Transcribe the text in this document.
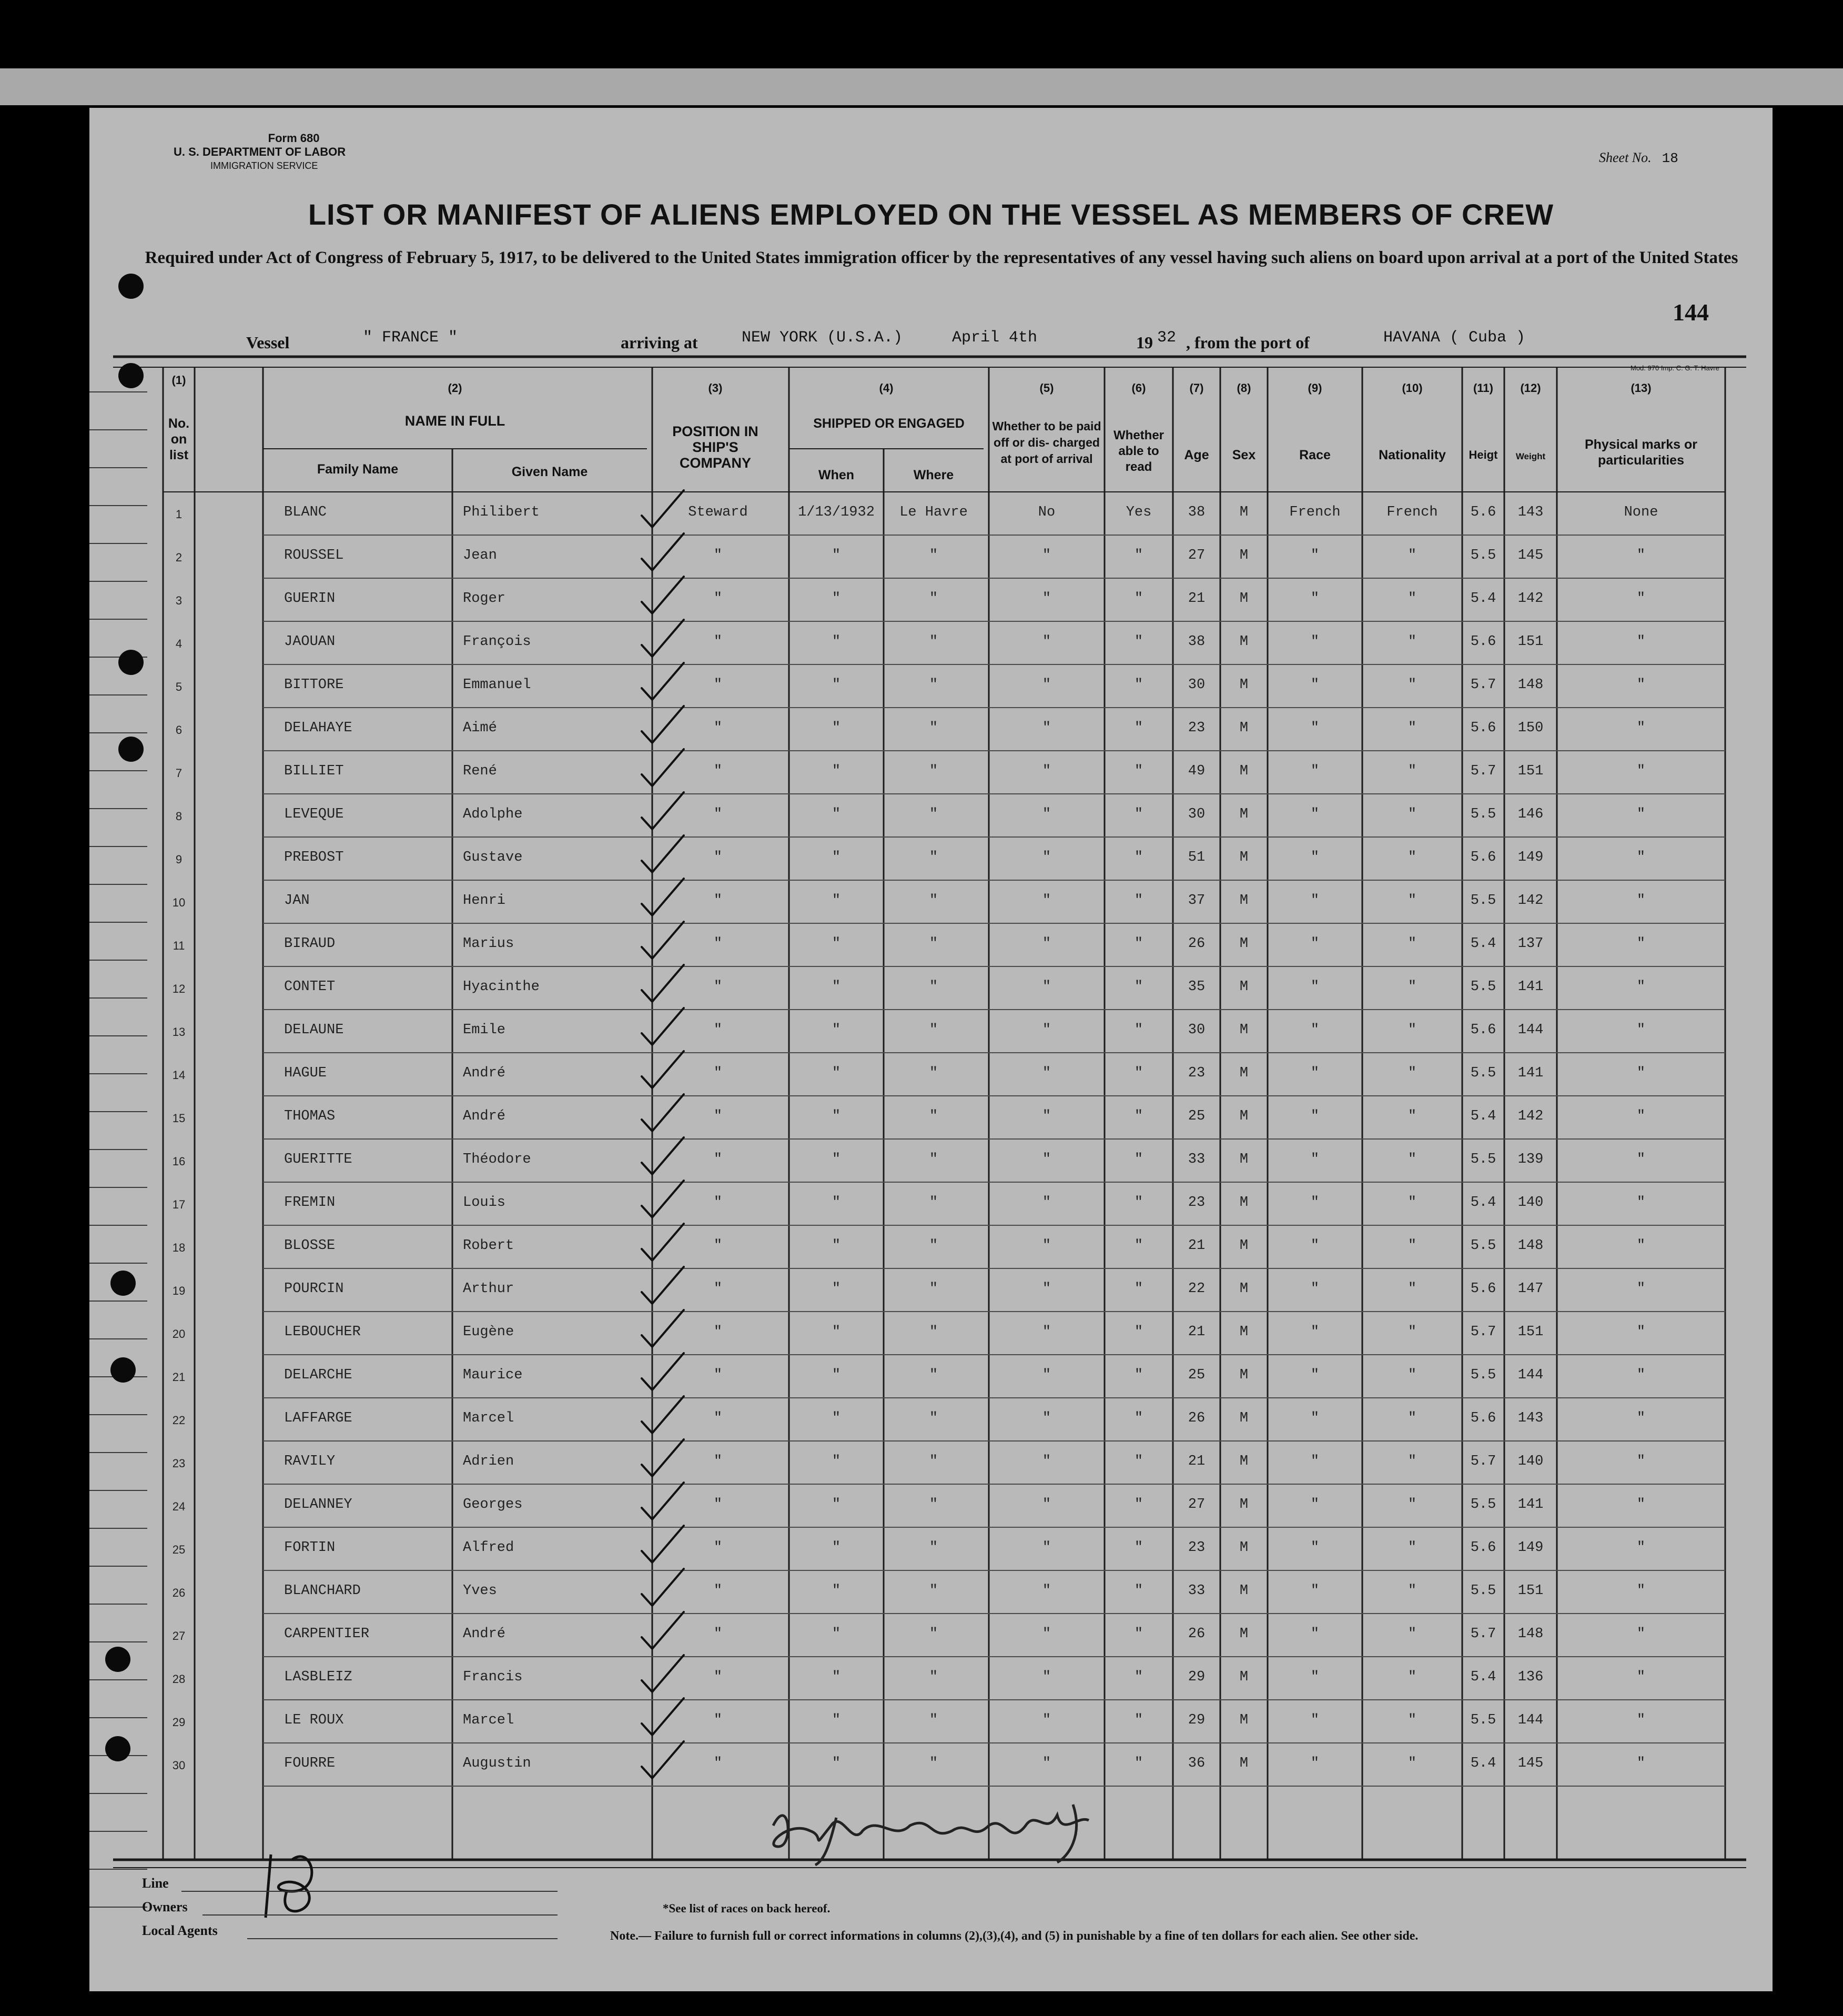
Form 680
U. S. DEPARTMENT OF LABOR
IMMIGRATION SERVICE
Sheet No. 18
LIST OR MANIFEST OF ALIENS EMPLOYED ON THE VESSEL AS MEMBERS OF CREW
Required under Act of Congress of February 5, 1917, to be delivered to the United States immigration officer by the representatives of any vessel having such aliens on board upon arrival at a port of the United States
144
Vessel	" FRANCE "	arriving at	NEW YORK (U.S.A.)	April 4th	19 32 , from the port of	HAVANA ( Cuba )
Mod. 970 Imp. C. G. T. Havre
(1)
(2)	(3)	(4)	(5)	(6)	(7)	(8)	(9)	(10)	(11)	(12)	(13)
No. on list
NAME IN FULL
Family Name	Given Name
POSITION IN SHIP'S COMPANY
SHIPPED OR ENGAGED
When	Where
Whether to be paid off or dis- charged at port of arrival
Whether able to read
Age	Sex	Race	Nationality	Heigt	Weight
Physical marks or particularities
1	BLANC	Philibert	Steward	1/13/1932	Le Havre	No	Yes	38	M	French	French	5.6	143	None
2	ROUSSEL	Jean	"	"	"	"	"	27	M	"	"	5.5	145	"
3	GUERIN	Roger	"	"	"	"	"	21	M	"	"	5.4	142	"
4	JAOUAN	François	"	"	"	"	"	38	M	"	"	5.6	151	"
5	BITTORE	Emmanuel	"	"	"	"	"	30	M	"	"	5.7	148	"
6	DELAHAYE	Aimé	"	"	"	"	"	23	M	"	"	5.6	150	"
7	BILLIET	René	"	"	"	"	"	49	M	"	"	5.7	151	"
8	LEVEQUE	Adolphe	"	"	"	"	"	30	M	"	"	5.5	146	"
9	PREBOST	Gustave	"	"	"	"	"	51	M	"	"	5.6	149	"
10	JAN	Henri	"	"	"	"	"	37	M	"	"	5.5	142	"
11	BIRAUD	Marius	"	"	"	"	"	26	M	"	"	5.4	137	"
12	CONTET	Hyacinthe	"	"	"	"	"	35	M	"	"	5.5	141	"
13	DELAUNE	Emile	"	"	"	"	"	30	M	"	"	5.6	144	"
14	HAGUE	André	"	"	"	"	"	23	M	"	"	5.5	141	"
15	THOMAS	André	"	"	"	"	"	25	M	"	"	5.4	142	"
16	GUERITTE	Théodore	"	"	"	"	"	33	M	"	"	5.5	139	"
17	FREMIN	Louis	"	"	"	"	"	23	M	"	"	5.4	140	"
18	BLOSSE	Robert	"	"	"	"	"	21	M	"	"	5.5	148	"
19	POURCIN	Arthur	"	"	"	"	"	22	M	"	"	5.6	147	"
20	LEBOUCHER	Eugène	"	"	"	"	"	21	M	"	"	5.7	151	"
21	DELARCHE	Maurice	"	"	"	"	"	25	M	"	"	5.5	144	"
22	LAFFARGE	Marcel	"	"	"	"	"	26	M	"	"	5.6	143	"
23	RAVILY	Adrien	"	"	"	"	"	21	M	"	"	5.7	140	"
24	DELANNEY	Georges	"	"	"	"	"	27	M	"	"	5.5	141	"
25	FORTIN	Alfred	"	"	"	"	"	23	M	"	"	5.6	149	"
26	BLANCHARD	Yves	"	"	"	"	"	33	M	"	"	5.5	151	"
27	CARPENTIER	André	"	"	"	"	"	26	M	"	"	5.7	148	"
28	LASBLEIZ	Francis	"	"	"	"	"	29	M	"	"	5.4	136	"
29	LE ROUX	Marcel	"	"	"	"	"	29	M	"	"	5.5	144	"
30	FOURRE	Augustin	"	"	"	"	"	36	M	"	"	5.4	145	"
Line
Owners
Local Agents
*See list of races on back hereof.
Note.— Failure to furnish full or correct informations in columns (2),(3),(4), and (5) in punishable by a fine of ten dollars for each alien. See other side.
